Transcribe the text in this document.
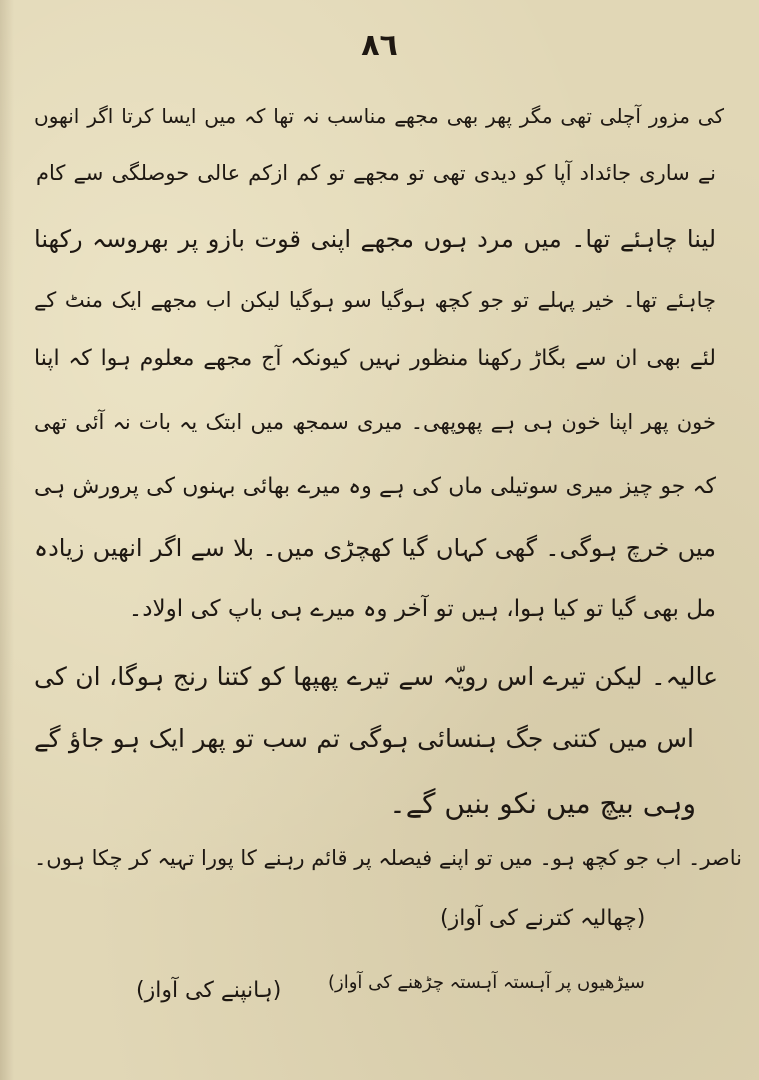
٨٦
کی مزور آچلی تھی مگر پھر بھی مجھے مناسب نہ تھا کہ میں ایسا کرتا اگر انھوں
نے ساری جائداد آپا کو دیدی تھی تو مجھے تو کم ازکم عالی حوصلگی سے کام
لینا چاہئے تھا۔ میں مرد ہوں مجھے اپنی قوت بازو پر بھروسہ رکھنا
چاہئے تھا۔ خیر پہلے تو جو کچھ ہوگیا سو ہوگیا لیکن اب مجھے ایک منٹ کے
لئے بھی ان سے بگاڑ رکھنا منظور نہیں کیونکہ آج مجھے معلوم ہوا کہ اپنا
خون پھر اپنا خون ہی ہے پھوپھی۔ میری سمجھ میں ابتک یہ بات نہ آئی تھی
کہ جو چیز میری سوتیلی ماں کی ہے وہ میرے بھائی بہنوں کی پرورش ہی
میں خرچ ہوگی۔ گھی کہاں گیا کھچڑی میں۔ بلا سے اگر انھیں زیادہ
مل بھی گیا تو کیا ہوا، ہیں تو آخر وہ میرے ہی باپ کی اولاد۔
عالیہ۔ لیکن تیرے اس رویّہ سے تیرے پھپھا کو کتنا رنج ہوگا، ان کی
اس میں کتنی جگ ہنسائی ہوگی تم سب تو پھر ایک ہو جاؤ گے
وہی بیچ میں نکو بنیں گے۔
ناصر۔ اب جو کچھ ہو۔ میں تو اپنے فیصلہ پر قائم رہنے کا پورا تہیہ کر چکا ہوں۔
(چھالیہ کترنے کی آواز)
سیڑھیوں پر آہستہ آہستہ چڑھنے کی آواز)
(ہانپنے کی آواز)
